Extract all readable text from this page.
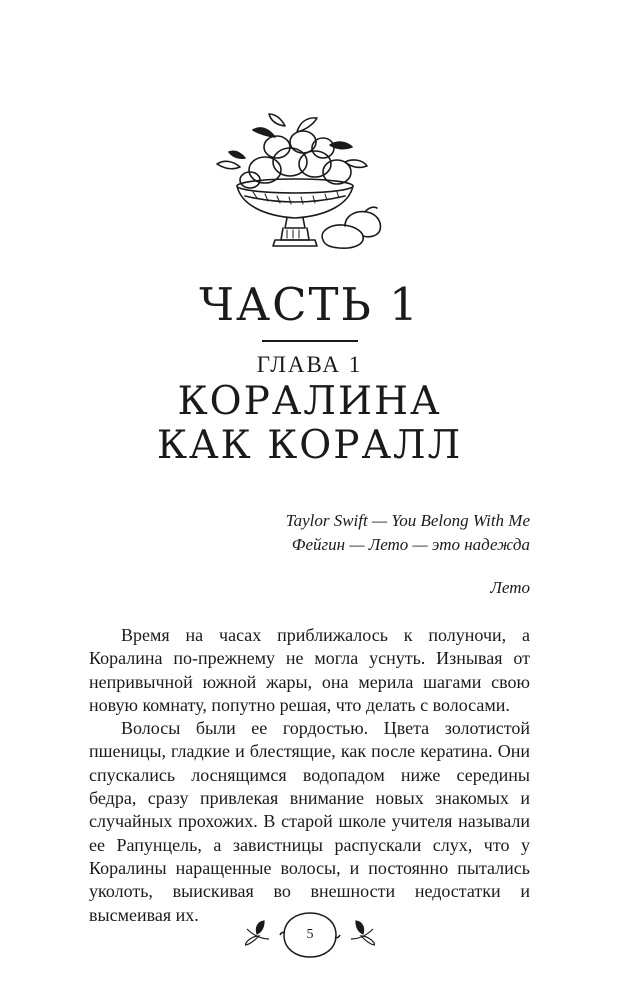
ЧАСТЬ 1
ГЛАВА 1
КОРАЛИНА
КАК КОРАЛЛ
Taylor Swift — You Belong With Me
Фейгин — Лето — это надежда
Лето

Время на часах приближалось к полуночи, а Коралина по-прежнему не могла уснуть. Изнывая от непривычной южной жары, она мерила шагами свою новую комнату, попутно решая, что делать с волосами.

Волосы были ее гордостью. Цвета золотистой пшеницы, гладкие и блестящие, как после кератина. Они спускались лоснящимся водопадом ниже середины бедра, сразу привлекая внимание новых знакомых и случайных прохожих. В старой школе учителя называли ее Рапунцель, а завистницы распускали слух, что у Коралины наращенные волосы, и постоянно пытались уколоть, выискивая во внешности недостатки и высмеивая их.

5
